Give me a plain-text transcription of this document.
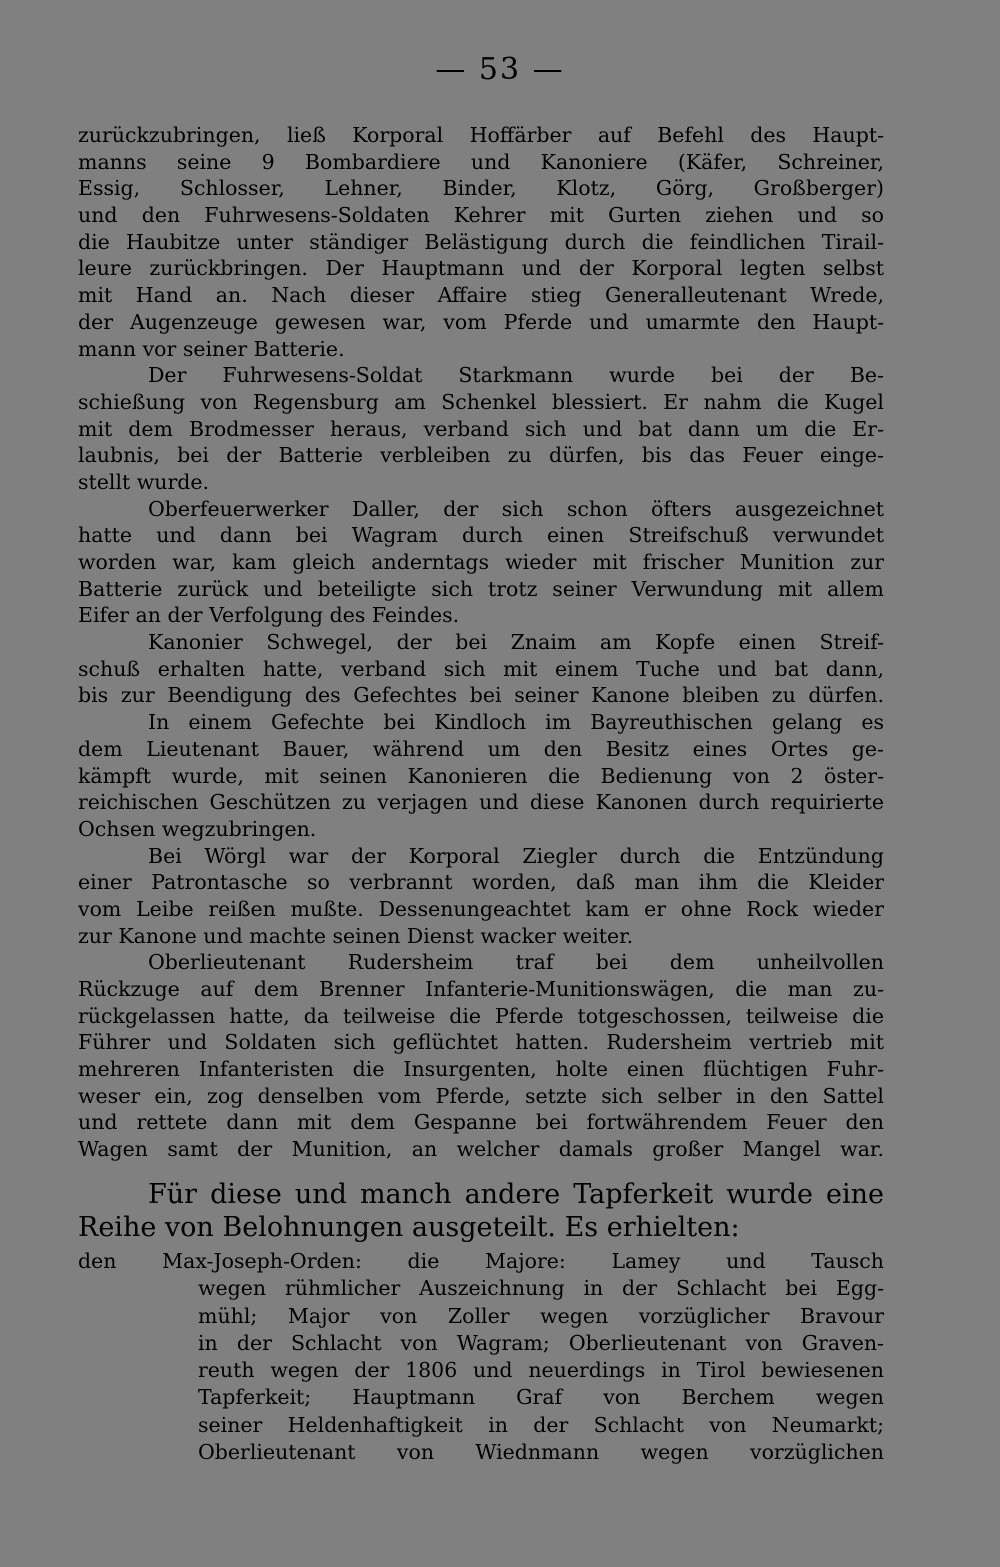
— 53 —
zurückzubringen, ließ Korporal Hoffärber auf Befehl des Haupt-
manns seine 9 Bombardiere und Kanoniere (Käfer, Schreiner,
Essig, Schlosser, Lehner, Binder, Klotz, Görg, Großberger)
und den Fuhrwesens-Soldaten Kehrer mit Gurten ziehen und so
die Haubitze unter ständiger Belästigung durch die feindlichen Tirail-
leure zurückbringen. Der Hauptmann und der Korporal legten selbst
mit Hand an. Nach dieser Affaire stieg Generalleutenant Wrede,
der Augenzeuge gewesen war, vom Pferde und umarmte den Haupt-
mann vor seiner Batterie.
Der Fuhrwesens-Soldat Starkmann wurde bei der Be-
schießung von Regensburg am Schenkel blessiert. Er nahm die Kugel
mit dem Brodmesser heraus, verband sich und bat dann um die Er-
laubnis, bei der Batterie verbleiben zu dürfen, bis das Feuer einge-
stellt wurde.
Oberfeuerwerker Daller, der sich schon öfters ausgezeichnet
hatte und dann bei Wagram durch einen Streifschuß verwundet
worden war, kam gleich anderntags wieder mit frischer Munition zur
Batterie zurück und beteiligte sich trotz seiner Verwundung mit allem
Eifer an der Verfolgung des Feindes.
Kanonier Schwegel, der bei Znaim am Kopfe einen Streif-
schuß erhalten hatte, verband sich mit einem Tuche und bat dann,
bis zur Beendigung des Gefechtes bei seiner Kanone bleiben zu dürfen.
In einem Gefechte bei Kindloch im Bayreuthischen gelang es
dem Lieutenant Bauer, während um den Besitz eines Ortes ge-
kämpft wurde, mit seinen Kanonieren die Bedienung von 2 öster-
reichischen Geschützen zu verjagen und diese Kanonen durch requirierte
Ochsen wegzubringen.
Bei Wörgl war der Korporal Ziegler durch die Entzündung
einer Patrontasche so verbrannt worden, daß man ihm die Kleider
vom Leibe reißen mußte. Dessenungeachtet kam er ohne Rock wieder
zur Kanone und machte seinen Dienst wacker weiter.
Oberlieutenant Rudersheim traf bei dem unheilvollen
Rückzuge auf dem Brenner Infanterie-Munitionswägen, die man zu-
rückgelassen hatte, da teilweise die Pferde totgeschossen, teilweise die
Führer und Soldaten sich geflüchtet hatten. Rudersheim vertrieb mit
mehreren Infanteristen die Insurgenten, holte einen flüchtigen Fuhr-
weser ein, zog denselben vom Pferde, setzte sich selber in den Sattel
und rettete dann mit dem Gespanne bei fortwährendem Feuer den
Wagen samt der Munition, an welcher damals großer Mangel war.
Für diese und manch andere Tapferkeit wurde eine
Reihe von Belohnungen ausgeteilt. Es erhielten:
den Max-Joseph-Orden: die Majore: Lamey und Tausch
wegen rühmlicher Auszeichnung in der Schlacht bei Egg-
mühl; Major von Zoller wegen vorzüglicher Bravour
in der Schlacht von Wagram; Oberlieutenant von Graven-
reuth wegen der 1806 und neuerdings in Tirol bewiesenen
Tapferkeit; Hauptmann Graf von Berchem wegen
seiner Heldenhaftigkeit in der Schlacht von Neumarkt;
Oberlieutenant von Wiednmann wegen vorzüglichen
